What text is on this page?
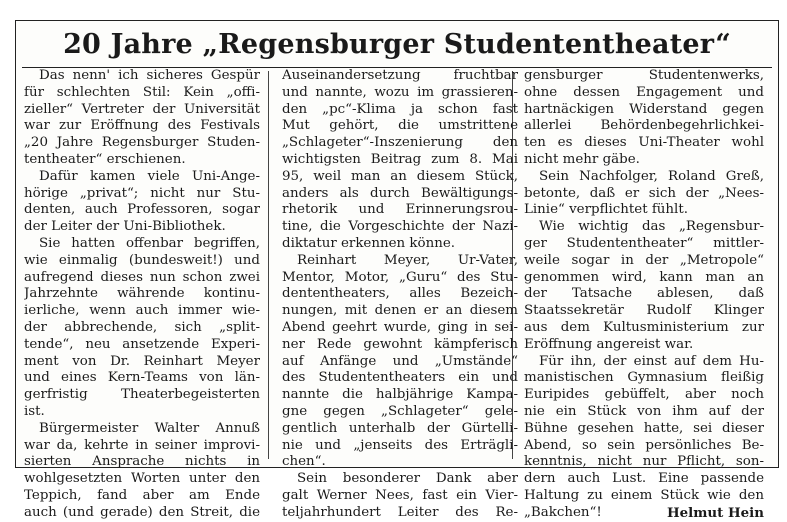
20 Jahre „Regensburger Studententheater“
Das nenn' ich sicheres Gespür
für schlechten Stil: Kein „offi-
zieller“ Vertreter der Universität
war zur Eröffnung des Festivals
„20 Jahre Regensburger Studen-
tentheater“ erschienen.
Dafür kamen viele Uni-Ange-
hörige „privat“; nicht nur Stu-
denten, auch Professoren, sogar
der Leiter der Uni-Bibliothek.
Sie hatten offenbar begriffen,
wie einmalig (bundesweit!) und
aufregend dieses nun schon zwei
Jahrzehnte währende kontinu-
ierliche, wenn auch immer wie-
der abbrechende, sich „split-
tende“, neu ansetzende Experi-
ment von Dr. Reinhart Meyer
und eines Kern-Teams von län-
gerfristig Theaterbegeisterten
ist.
Bürgermeister Walter Annuß
war da, kehrte in seiner improvi-
sierten Ansprache nichts in
wohlgesetzten Worten unter den
Teppich, fand aber am Ende
auch (und gerade) den Streit, die
Auseinandersetzung fruchtbar
und nannte, wozu im grassieren-
den „pc“-Klima ja schon fast
Mut gehört, die umstrittene
„Schlageter“-Inszenierung den
wichtigsten Beitrag zum 8. Mai
95, weil man an diesem Stück,
anders als durch Bewältigungs-
rhetorik und Erinnerungsrou-
tine, die Vorgeschichte der Nazi-
diktatur erkennen könne.
Reinhart Meyer, Ur-Vater,
Mentor, Motor, „Guru“ des Stu-
dententheaters, alles Bezeich-
nungen, mit denen er an diesem
Abend geehrt wurde, ging in sei-
ner Rede gewohnt kämpferisch
auf Anfänge und „Umstände“
des Studententheaters ein und
nannte die halbjährige Kampa-
gne gegen „Schlageter“ gele-
gentlich unterhalb der Gürtelli-
nie und „jenseits des Erträgli-
chen“.
Sein besonderer Dank aber
galt Werner Nees, fast ein Vier-
teljahrhundert Leiter des Re-
gensburger Studentenwerks,
ohne dessen Engagement und
hartnäckigen Widerstand gegen
allerlei Behördenbegehrlichkei-
ten es dieses Uni-Theater wohl
nicht mehr gäbe.
Sein Nachfolger, Roland Greß,
betonte, daß er sich der „Nees-
Linie“ verpflichtet fühlt.
Wie wichtig das „Regensbur-
ger Studententheater“ mittler-
weile sogar in der „Metropole“
genommen wird, kann man an
der Tatsache ablesen, daß
Staatssekretär Rudolf Klinger
aus dem Kultusministerium zur
Eröffnung angereist war.
Für ihn, der einst auf dem Hu-
manistischen Gymnasium fleißig
Euripides gebüffelt, aber noch
nie ein Stück von ihm auf der
Bühne gesehen hatte, sei dieser
Abend, so sein persönliches Be-
kenntnis, nicht nur Pflicht, son-
dern auch Lust. Eine passende
Haltung zu einem Stück wie den
„Bakchen“!	Helmut Hein
